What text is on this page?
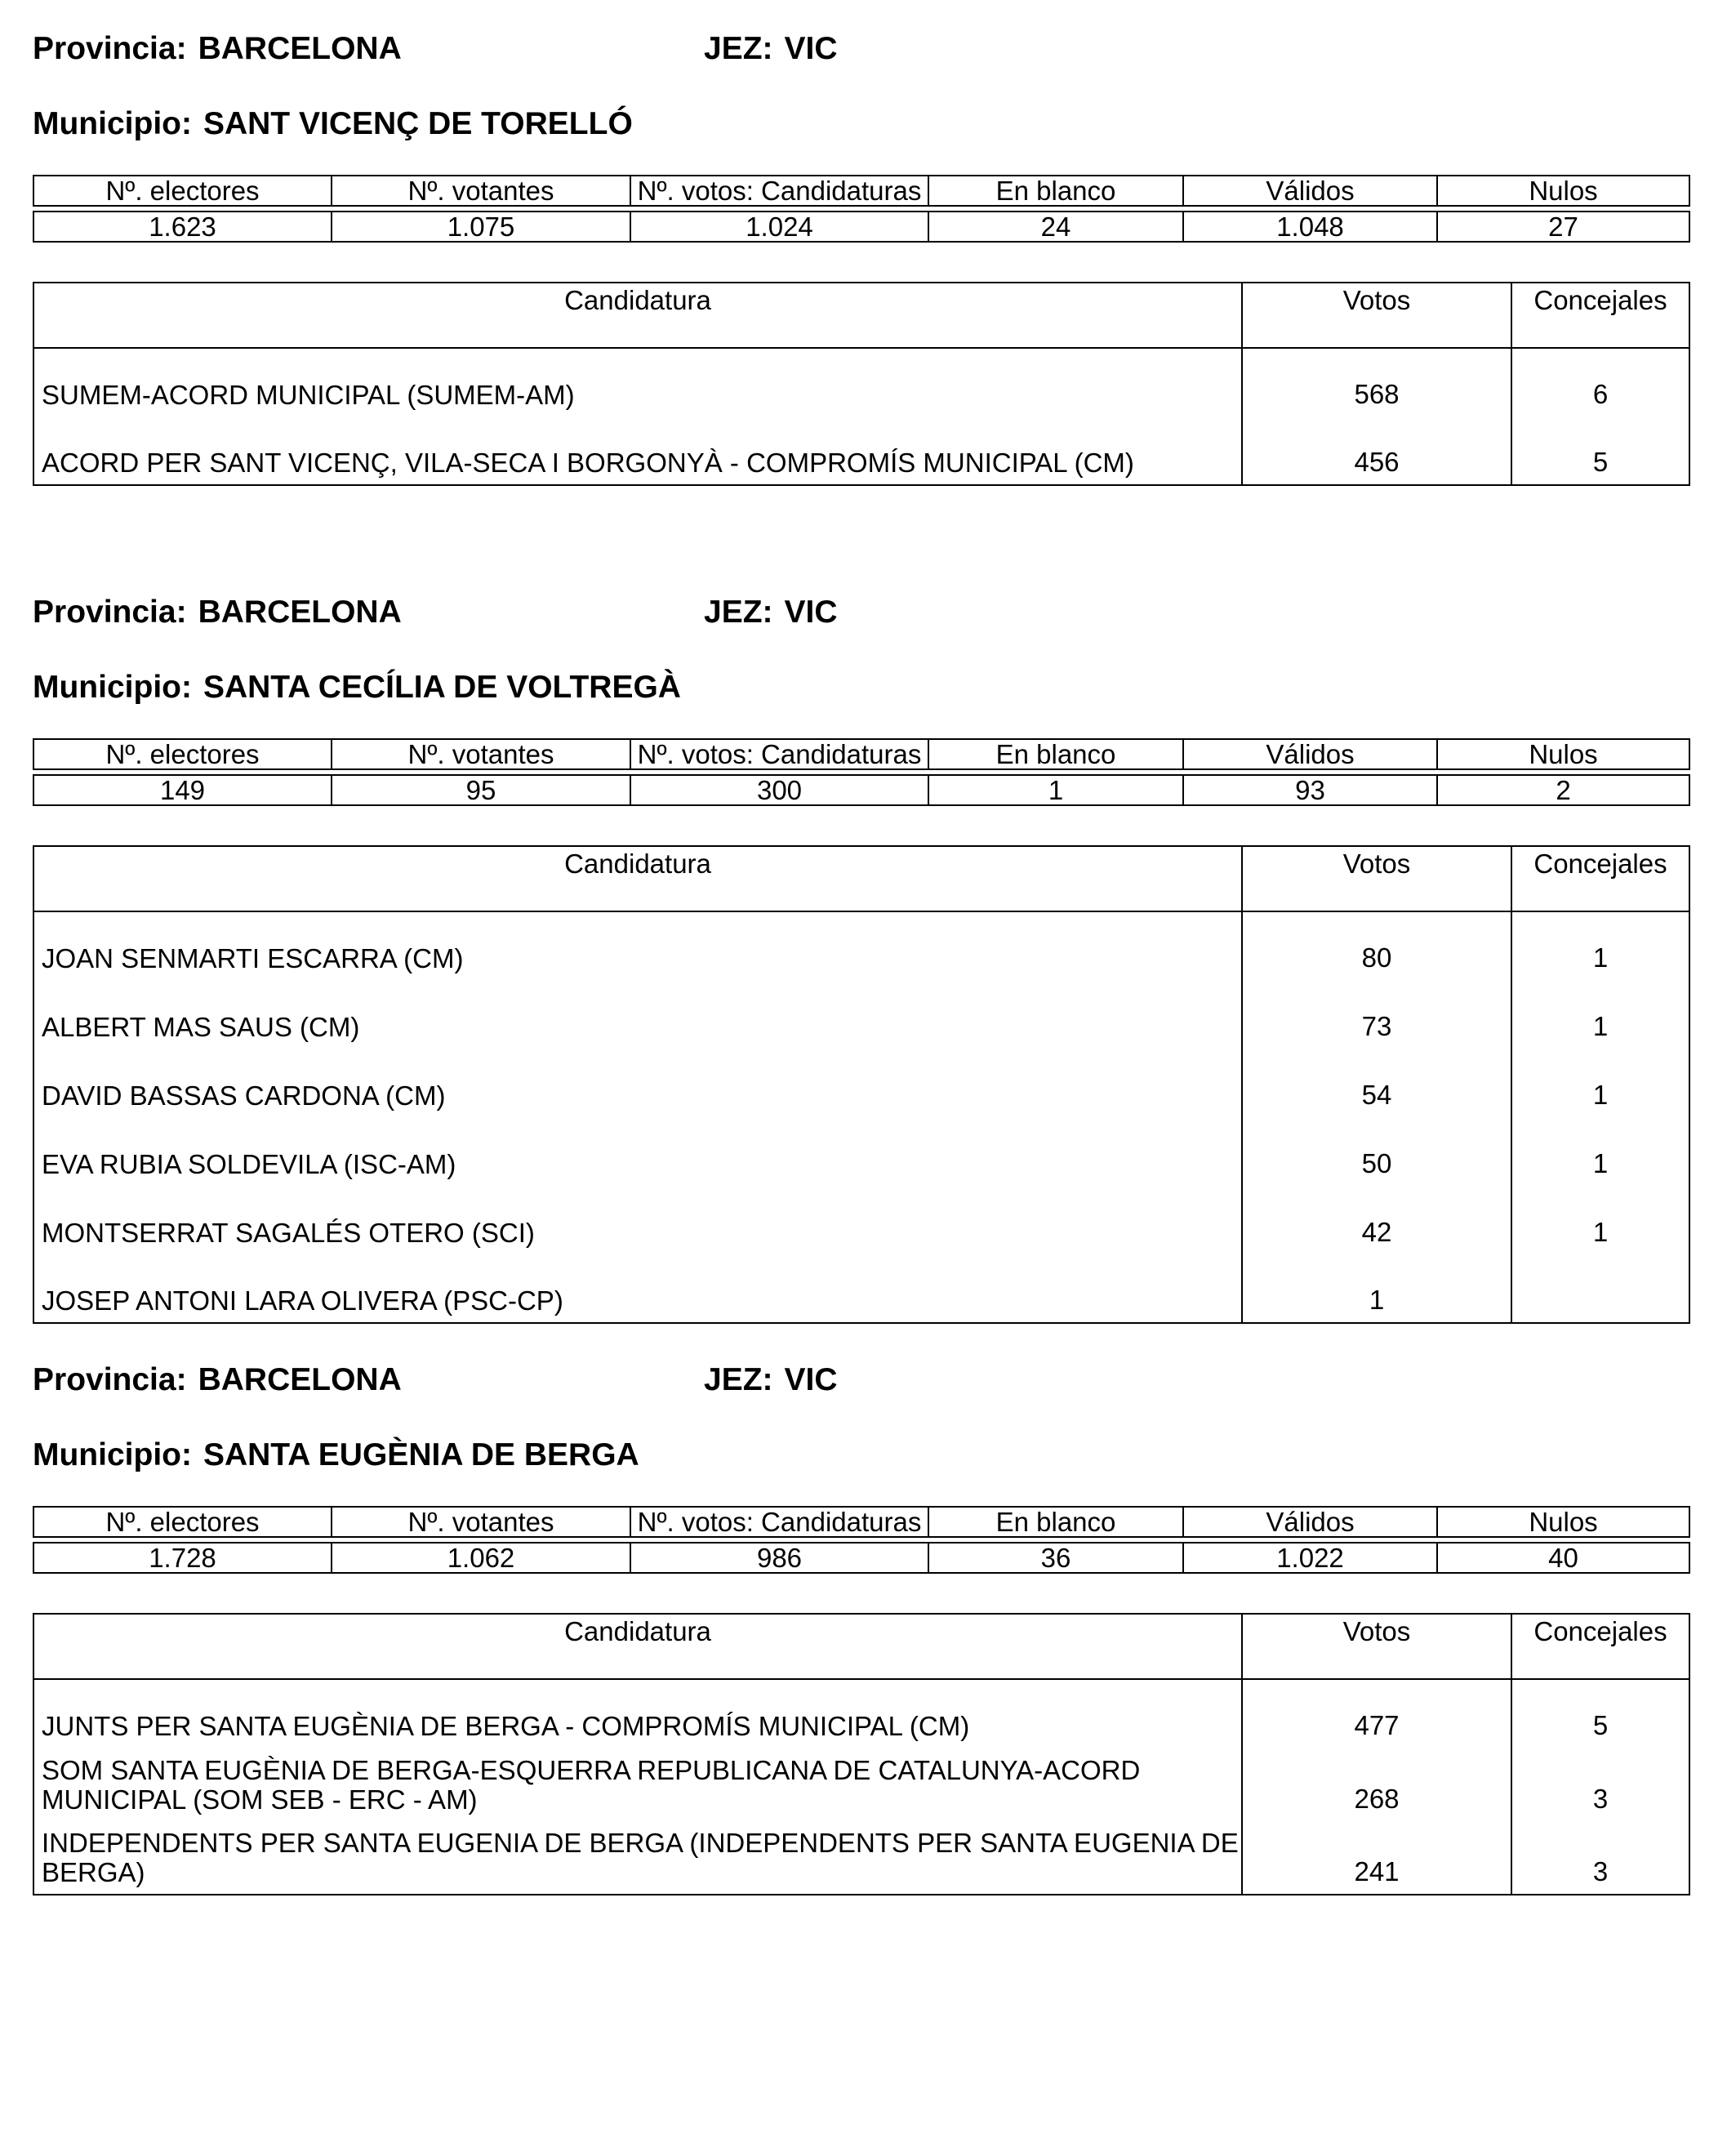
Provincia: BARCELONA	JEZ: VIC
Municipio: SANT VICENÇ DE TORELLÓ
Nº. electores	Nº. votantes	Nº. votos: Candidaturas	En blanco	Válidos	Nulos

1.623	1.075	1.024	24	1.048	27
Candidatura	Votos	Concejales
SUMEM-ACORD MUNICIPAL (SUMEM-AM)	568	6
ACORD PER SANT VICENÇ, VILA-SECA I BORGONYÀ - COMPROMÍS MUNICIPAL (CM)	456	5
Provincia: BARCELONA	JEZ: VIC
Municipio: SANTA CECÍLIA DE VOLTREGÀ
Nº. electores	Nº. votantes	Nº. votos: Candidaturas	En blanco	Válidos	Nulos

149	95	300	1	93	2
Candidatura	Votos	Concejales
JOAN SENMARTI ESCARRA (CM)	80	1
ALBERT MAS SAUS (CM)	73	1
DAVID BASSAS CARDONA (CM)	54	1
EVA RUBIA SOLDEVILA (ISC-AM)	50	1
MONTSERRAT SAGALÉS OTERO (SCI)	42	1
JOSEP ANTONI LARA OLIVERA (PSC-CP)	1	
Provincia: BARCELONA	JEZ: VIC
Municipio: SANTA EUGÈNIA DE BERGA
Nº. electores	Nº. votantes	Nº. votos: Candidaturas	En blanco	Válidos	Nulos

1.728	1.062	986	36	1.022	40
Candidatura	Votos	Concejales
JUNTS PER SANTA EUGÈNIA DE BERGA - COMPROMÍS MUNICIPAL (CM)	477	5
SOM SANTA EUGÈNIA DE BERGA-ESQUERRA REPUBLICANA DE CATALUNYA-ACORD MUNICIPAL (SOM SEB - ERC - AM)	268	3
INDEPENDENTS PER SANTA EUGENIA DE BERGA (INDEPENDENTS PER SANTA EUGENIA DE BERGA)	241	3
